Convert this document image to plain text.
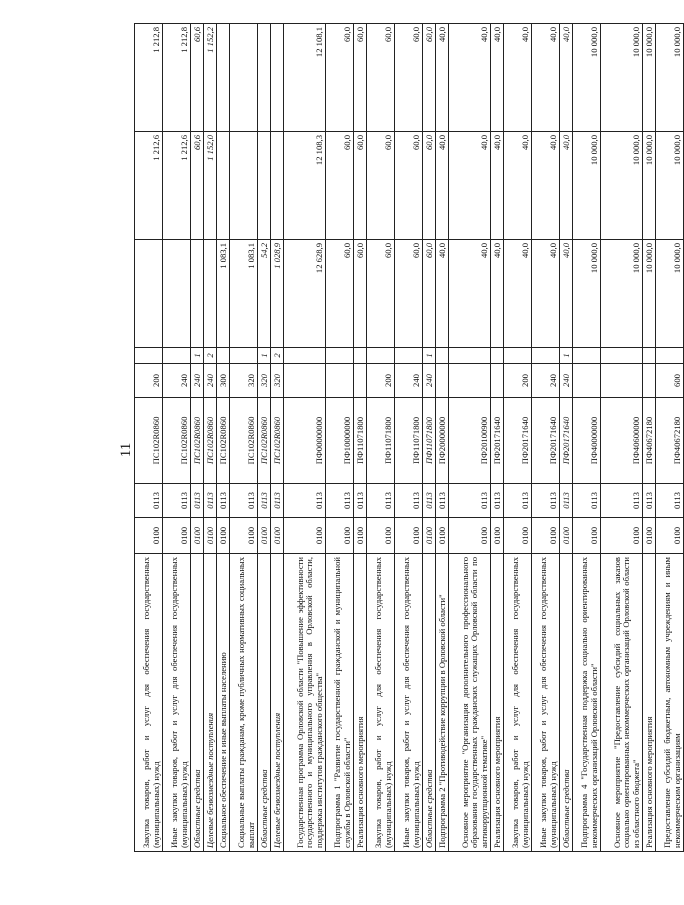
11
Закупка товаров, работ и услуг для обеспечения государственных (муниципальных) нужд	0100	0113	ПС102R0860	200			1 212,6	1 212,8
Иные закупки товаров, работ и услуг для обеспечения государственных (муниципальных) нужд	0100	0113	ПС102R0860	240			1 212,6	1 212,8
Областные средства	0100	0113	ПС102R0860	240	1		60,6	60,6
Целевые безвозмездные поступления	0100	0113	ПС102R0860	240	2		1 152,0	1 152,2
Социальное обеспечение и иные выплаты населению	0100	0113	ПС102R0860	300		1 083,1		
Социальные выплаты гражданам, кроме публичных нормативных социальных выплат	0100	0113	ПС102R0860	320		1 083,1		
Областные средства	0100	0113	ПС102R0860	320	1	54,2		
Целевые безвозмездные поступления	0100	0113	ПС102R0860	320	2	1 028,9		
Государственная программа Орловской области "Повышение эффективности государственного и муниципального управления в Орловской области, поддержка институтов гражданского общества"	0100	0113	ПФ00000000			12 628,9	12 108,3	12 108,1
Подпрограмма 1 "Развитие государственной гражданской и муниципальной службы в Орловской области"	0100	0113	ПФ10000000			60,0	60,0	60,0
Реализация основного мероприятия	0100	0113	ПФ11071800			60,0	60,0	60,0
Закупка товаров, работ и услуг для обеспечения государственных (муниципальных) нужд	0100	0113	ПФ11071800	200		60,0	60,0	60,0
Иные закупки товаров, работ и услуг для обеспечения государственных (муниципальных) нужд	0100	0113	ПФ11071800	240		60,0	60,0	60,0
Областные средства	0100	0113	ПФ11071800	240	1	60,0	60,0	60,0
Подпрограмма 2 "Противодействие коррупции в Орловской области"	0100	0113	ПФ20000000			40,0	40,0	40,0
Основное мероприятие "Организация дополнительного профессионального образования государственных гражданских служащих Орловской области по антикоррупционной тематике"	0100	0113	ПФ20100900			40,0	40,0	40,0
Реализация основного мероприятия	0100	0113	ПФ20171640			40,0	40,0	40,0
Закупка товаров, работ и услуг для обеспечения государственных (муниципальных) нужд	0100	0113	ПФ20171640	200		40,0	40,0	40,0
Иные закупки товаров, работ и услуг для обеспечения государственных (муниципальных) нужд	0100	0113	ПФ20171640	240		40,0	40,0	40,0
Областные средства	0100	0113	ПФ20171640	240	1	40,0	40,0	40,0
Подпрограмма 4 "Государственная поддержка социально ориентированных некоммерческих организаций Орловской области"	0100	0113	ПФ40000000			10 000,0	10 000,0	10 000,0
Основное мероприятие "Предоставление субсидий социальных заказов социально ориентированных некоммерческих организаций Орловской области из областного бюджета"	0100	0113	ПФ40600000			10 000,0	10 000,0	10 000,0
Реализация основного мероприятия	0100	0113	ПФ40672180			10 000,0	10 000,0	10 000,0
Предоставление субсидий бюджетным, автономным учреждениям и иным некоммерческим организациям	0100	0113	ПФ40672180	600		10 000,0	10 000,0	10 000,0
